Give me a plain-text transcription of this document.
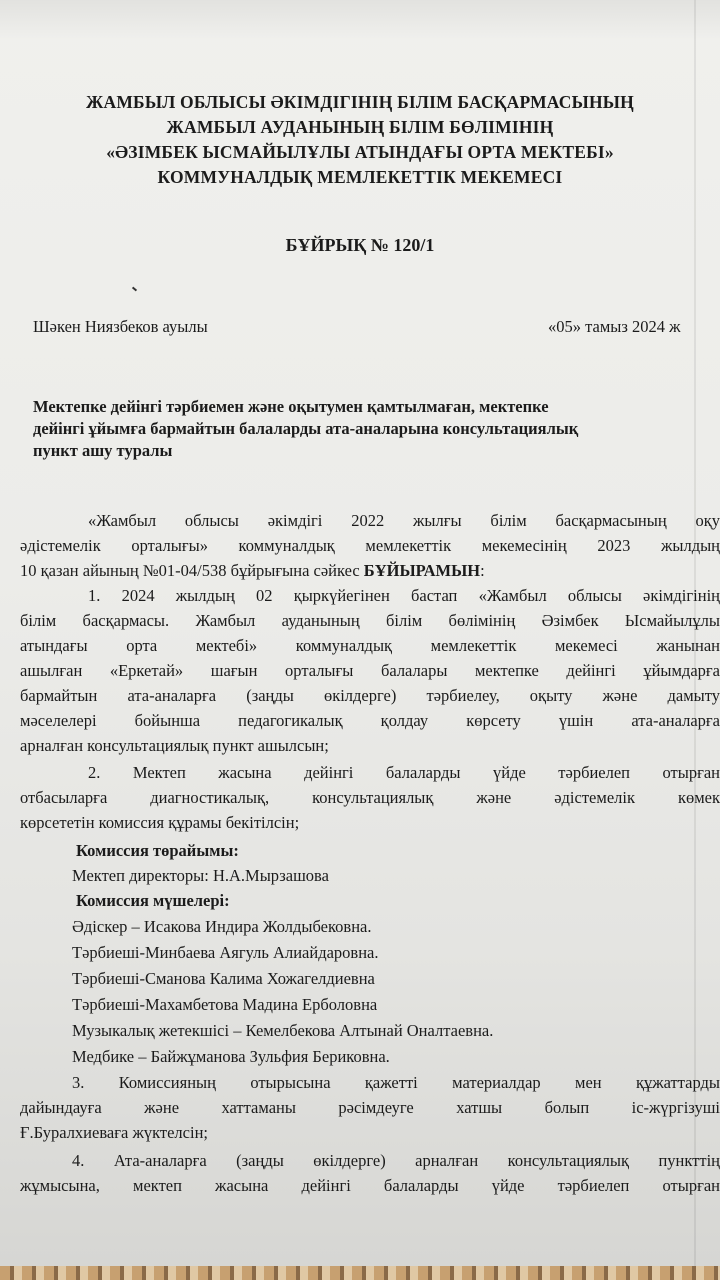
ЖАМБЫЛ ОБЛЫСЫ ӘКІМДІГІНІҢ БІЛІМ БАСҚАРМАСЫНЫҢ
ЖАМБЫЛ АУДАНЫНЫҢ БІЛІМ БӨЛІМІНІҢ
«ӘЗІМБЕК ЫСМАЙЫЛҰЛЫ АТЫНДАҒЫ ОРТА МЕКТЕБІ»
КОММУНАЛДЫҚ МЕМЛЕКЕТТІК МЕКЕМЕСІ
БҰЙРЫҚ № 120/1
Шәкен Ниязбеков ауылы	«05» тамыз 2024 ж
Мектепке дейінгі тәрбиемен және оқытумен қамтылмаған, мектепке
дейінгі ұйымға бармайтын балаларды ата-аналарына консультациялық
пункт ашу туралы
«Жамбыл облысы әкімдігі 2022 жылғы білім басқармасының оқу
әдістемелік орталығы» коммуналдық мемлекеттік мекемесінің 2023 жылдың
10 қазан айының №01-04/538 бұйрығына сәйкес БҰЙЫРАМЫН:
1. 2024 жылдың 02 қыркүйегінен бастап «Жамбыл облысы әкімдігінің
білім басқармасы. Жамбыл ауданының білім бөлімінің Әзімбек Ысмайылұлы
атындағы орта мектебі» коммуналдық мемлекеттік мекемесі жанынан
ашылған «Еркетай» шағын орталығы балалары мектепке дейінгі ұйымдарға
бармайтын ата-аналарға (заңды өкілдерге) тәрбиелеу, оқыту және дамыту
мәселелері бойынша педагогикалық қолдау көрсету үшін ата-аналарға
арналған консультациялық пункт ашылсын;
2. Мектеп жасына дейінгі балаларды үйде тәрбиелеп отырған
отбасыларға диагностикалық, консультациялық және әдістемелік көмек
көрсететін комиссия құрамы бекітілсін;
Комиссия төрайымы:
Мектеп директоры: Н.А.Мырзашова
Комиссия мүшелері:
Әдіскер – Исакова Индира Жолдыбековна.
Тәрбиеші-Минбаева Аягуль Алиайдаровна.
Тәрбиеші-Сманова Калима Хожагелдиевна
Тәрбиеші-Махамбетова Мадина Ерболовна
Музыкалық жетекшісі – Кемелбекова Алтынай Оналтаевна.
Медбике – Байжұманова Зульфия Бериковна.
3. Комиссияның отырысына қажетті материалдар мен құжаттарды
дайындауға және хаттаманы рәсімдеуге хатшы болып іс-жүргізуші
Ғ.Буралхиеваға жүктелсін;
4. Ата-аналарға (заңды өкілдерге) арналған консультациялық пункттің
жұмысына, мектеп жасына дейінгі балаларды үйде тәрбиелеп отырған
